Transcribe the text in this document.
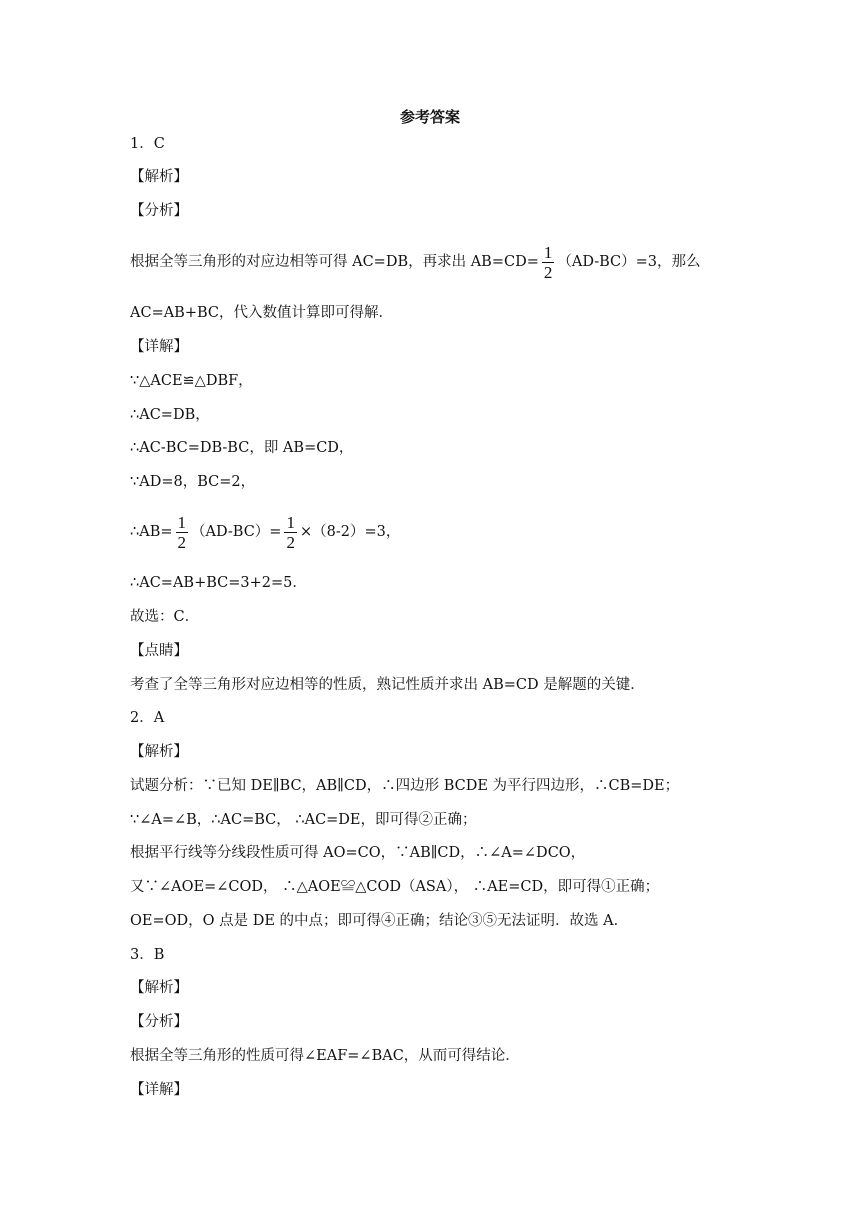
参考答案
1．C
【解析】
【分析】
根据全等三角形的对应边相等可得 AC=DB，再求出 $AB=CD= \frac{1}{2} (AD-BC)=3$，那么
AC=AB+BC，代入数值计算即可得解．
【详解】
∵△ACE≌△DBF，
∴AC=DB，
∴AC-BC=DB-BC，即 AB=CD，
∵AD=8，BC=2，
∴AB= $\frac{1}{2} (AD-BC)= \frac{1}{2} \times(8-2)=3$，
∴AC=AB+BC=3+2=5．
故选：C．
【点睛】
考查了全等三角形对应边相等的性质，熟记性质并求出 AB=CD 是解题的关键．
2．A
【解析】
试题分析：∵已知 DE∥BC，AB∥CD，∴四边形 BCDE 为平行四边形，∴CB=DE；
∵∠A=∠B，∴AC=BC， ∴AC=DE，即可得②正确；
根据平行线等分线段性质可得 AO=CO，∵AB∥CD，∴∠A=∠DCO，
又∵∠AOE=∠COD， ∴△AOE≌△COD（ASA）， ∴AE=CD，即可得①正确；
OE=OD，O 点是 DE 的中点；即可得④正确；结论③⑤无法证明．故选 A．
3．B
【解析】
【分析】
根据全等三角形的性质可得∠EAF=∠BAC，从而可得结论．
【详解】
